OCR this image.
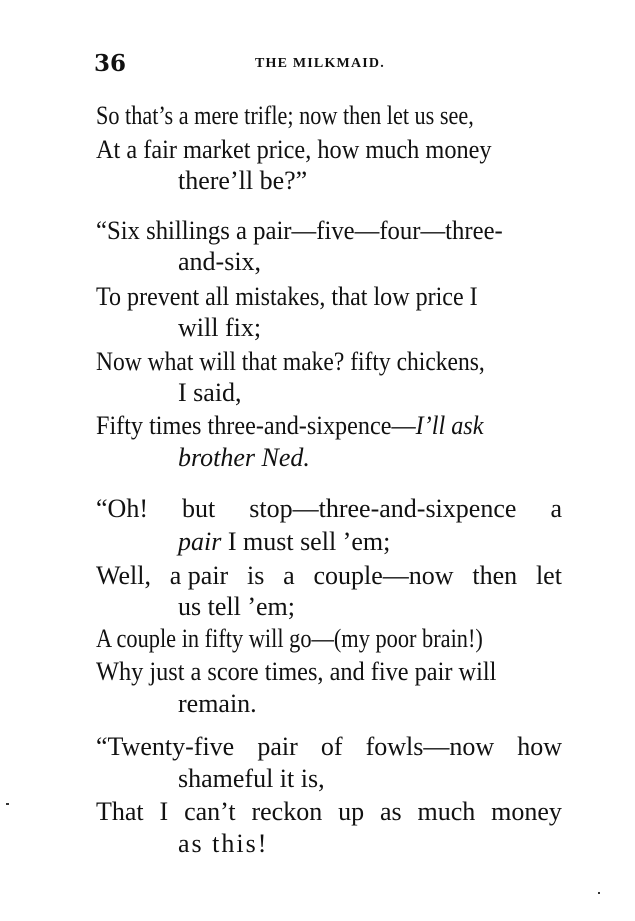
36	THE MILKMAID.
So that’s a mere trifle; now then let us see,
At a fair market price, how much money
there’ll be?”
“Six shillings a pair—five—four—three-
and-six,
To prevent all mistakes, that low price I
will fix;
Now what will that make? fifty chickens,
I said,
Fifty times three-and-sixpence—I’ll ask
brother Ned.
“Oh! but stop—three-and-sixpence a
pair I must sell ’em;
Well, a pair is a couple—now then let
us tell ’em;
A couple in fifty will go—(my poor brain!)
Why just a score times, and five pair will
remain.
“Twenty-five pair of fowls—now how
shameful it is,
That I can’t reckon up as much money
as this!
